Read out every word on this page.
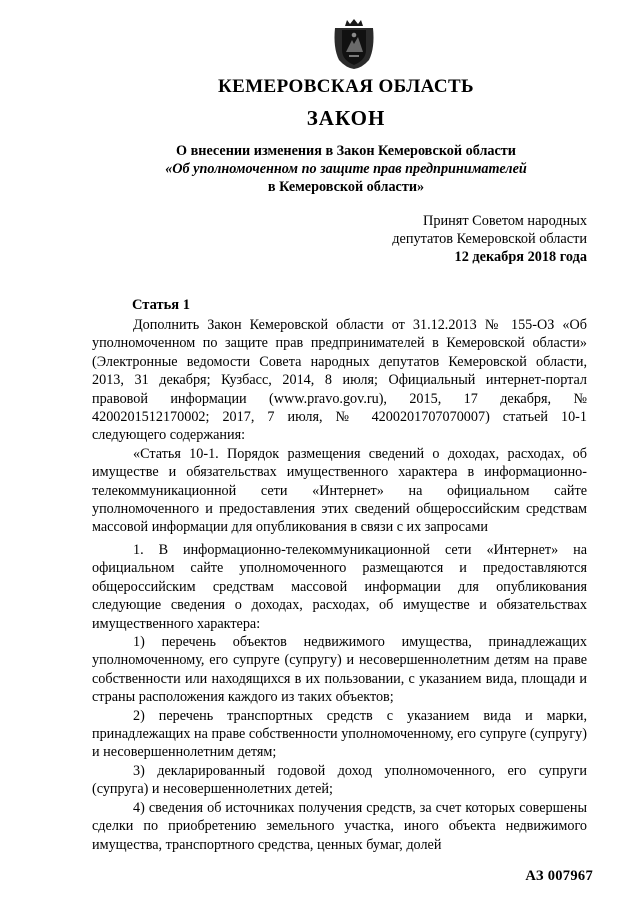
КЕМЕРОВСКАЯ ОБЛАСТЬ
ЗАКОН
О внесении изменения в Закон Кемеровской области
«Об уполномоченном по защите прав предпринимателей
в Кемеровской области»
Принят Советом народных
депутатов Кемеровской области
12 декабря 2018 года
Статья 1

Дополнить Закон Кемеровской области от 31.12.2013 № 155-ОЗ «Об уполномоченном по защите прав предпринимателей в Кемеровской области» (Электронные ведомости Совета народных депутатов Кемеровской области, 2013, 31 декабря; Кузбасс, 2014, 8 июля; Официальный интернет-портал правовой информации (www.pravo.gov.ru), 2015, 17 декабря, № 4200201512170002; 2017, 7 июля, № 4200201707070007) статьей 10-1 следующего содержания:

«Статья 10-1. Порядок размещения сведений о доходах, расходах, об имуществе и обязательствах имущественного характера в информационно-телекоммуникационной сети «Интернет» на официальном сайте уполномоченного и предоставления этих сведений общероссийским средствам массовой информации для опубликования в связи с их запросами

1. В информационно-телекоммуникационной сети «Интернет» на официальном сайте уполномоченного размещаются и предоставляются общероссийским средствам массовой информации для опубликования следующие сведения о доходах, расходах, об имуществе и обязательствах имущественного характера:

1) перечень объектов недвижимого имущества, принадлежащих уполномоченному, его супруге (супругу) и несовершеннолетним детям на праве собственности или находящихся в их пользовании, с указанием вида, площади и страны расположения каждого из таких объектов;

2) перечень транспортных средств с указанием вида и марки, принадлежащих на праве собственности уполномоченному, его супруге (супругу) и несовершеннолетним детям;

3) декларированный годовой доход уполномоченного, его супруги (супруга) и несовершеннолетних детей;

4) сведения об источниках получения средств, за счет которых совершены сделки по приобретению земельного участка, иного объекта недвижимого имущества, транспортного средства, ценных бумаг, долей

АЗ 007967
